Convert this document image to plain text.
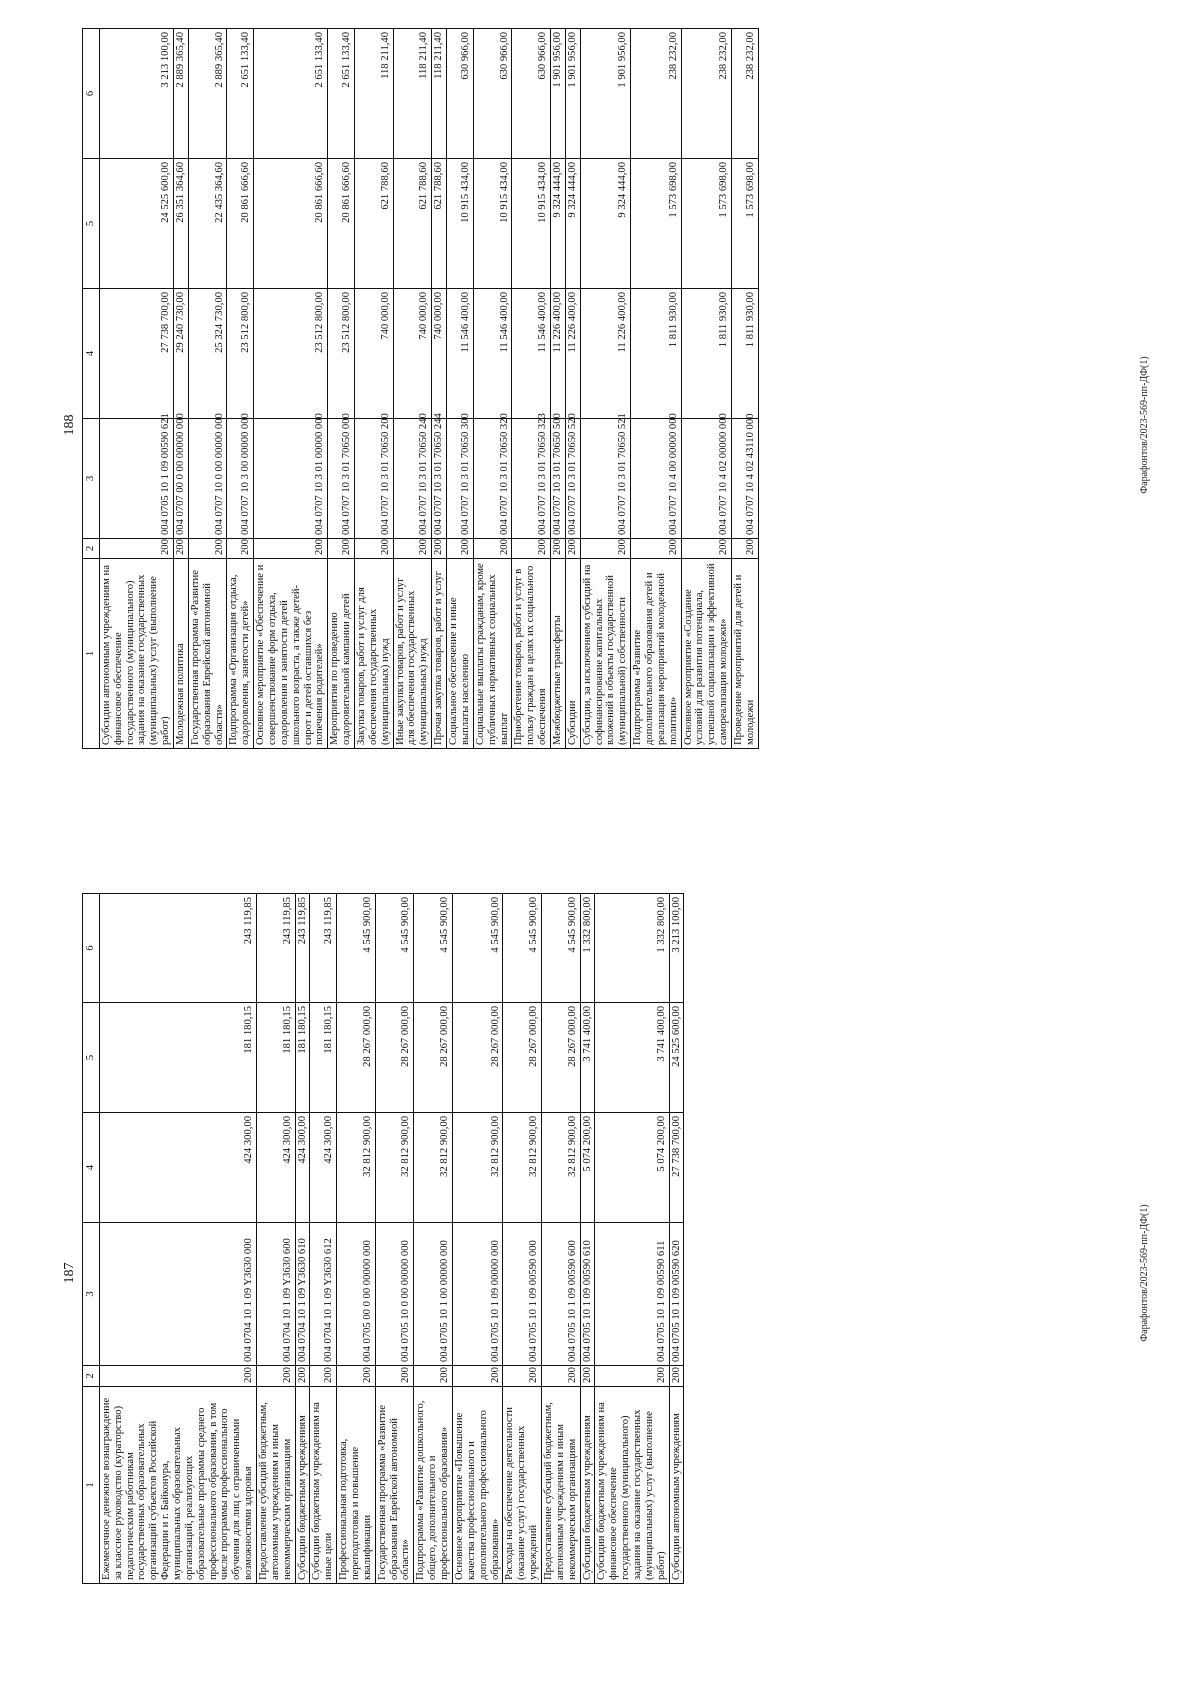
187
1	2	3	4	5	6
Ежемесячное денежное вознаграждение за классное руководство (кураторство) педагогическим работникам государственных образовательных организаций субъектов Российской Федерации и г. Байконура, муниципальных образовательных организаций, реализующих образовательные программы среднего профессионального образования, в том числе программы профессионального обучения для лиц с ограниченными возможностями здоровья	200	004 0704 10 1 09 Y3630 000	424 300,00	181 180,15	243 119,85
Предоставление субсидий бюджетным, автономным учреждениям и иным некоммерческим организациям	200	004 0704 10 1 09 Y3630 600	424 300,00	181 180,15	243 119,85
Субсидии бюджетным учреждениям	200	004 0704 10 1 09 Y3630 610	424 300,00	181 180,15	243 119,85
Субсидии бюджетным учреждениям на иные цели	200	004 0704 10 1 09 Y3630 612	424 300,00	181 180,15	243 119,85
Профессиональная подготовка, переподготовка и повышение квалификации	200	004 0705 00 0 00 00000 000	32 812 900,00	28 267 000,00	4 545 900,00
Государственная программа «Развитие образования Еврейской автономной области»	200	004 0705 10 0 00 00000 000	32 812 900,00	28 267 000,00	4 545 900,00
Подпрограмма «Развитие дошкольного, общего, дополнительного и профессионального образования»	200	004 0705 10 1 00 00000 000	32 812 900,00	28 267 000,00	4 545 900,00
Основное мероприятие «Повышение качества профессионального и дополнительного профессионального образования»	200	004 0705 10 1 09 00000 000	32 812 900,00	28 267 000,00	4 545 900,00
Расходы на обеспечение деятельности (оказание услуг) государственных учреждений	200	004 0705 10 1 09 00590 000	32 812 900,00	28 267 000,00	4 545 900,00
Предоставление субсидий бюджетным, автономным учреждениям и иным некоммерческим организациям	200	004 0705 10 1 09 00590 600	32 812 900,00	28 267 000,00	4 545 900,00
Субсидии бюджетным учреждениям	200	004 0705 10 1 09 00590 610	5 074 200,00	3 741 400,00	1 332 800,00
Субсидии бюджетным учреждениям на финансовое обеспечение государственного (муниципального) задания на оказание государственных (муниципальных) услуг (выполнение работ)	200	004 0705 10 1 09 00590 611	5 074 200,00	3 741 400,00	1 332 800,00
Субсидии автономным учреждениям	200	004 0705 10 1 09 00590 620	27 738 700,00	24 525 600,00	3 213 100,00
Фарафонтов/2023-569-пп-ДФ(1)
188
1	2	3	4	5	6
Субсидии автономным учреждениям на финансовое обеспечение государственного (муниципального) задания на оказание государственных (муниципальных) услуг (выполнение работ)	200	004 0705 10 1 09 00590 621	27 738 700,00	24 525 600,00	3 213 100,00
Молодежная политика	200	004 0707 00 0 00 00000 000	29 240 730,00	26 351 364,60	2 889 365,40
Государственная программа «Развитие образования Еврейской автономной области»	200	004 0707 10 0 00 00000 000	25 324 730,00	22 435 364,60	2 889 365,40
Подпрограмма «Организация отдыха, оздоровления, занятости детей»	200	004 0707 10 3 00 00000 000	23 512 800,00	20 861 666,60	2 651 133,40
Основное мероприятие «Обеспечение и совершенствование форм отдыха, оздоровления и занятости детей школьного возраста, а также детей-сирот и детей оставшихся без попечения родителей»	200	004 0707 10 3 01 00000 000	23 512 800,00	20 861 666,60	2 651 133,40
Мероприятия по проведению оздоровительной кампании детей	200	004 0707 10 3 01 70650 000	23 512 800,00	20 861 666,60	2 651 133,40
Закупка товаров, работ и услуг для обеспечения государственных (муниципальных) нужд	200	004 0707 10 3 01 70650 200	740 000,00	621 788,60	118 211,40
Иные закупки товаров, работ и услуг для обеспечения государственных (муниципальных) нужд	200	004 0707 10 3 01 70650 240	740 000,00	621 788,60	118 211,40
Прочая закупка товаров, работ и услуг	200	004 0707 10 3 01 70650 244	740 000,00	621 788,60	118 211,40
Социальное обеспечение и иные выплаты населению	200	004 0707 10 3 01 70650 300	11 546 400,00	10 915 434,00	630 966,00
Социальные выплаты гражданам, кроме публичных нормативных социальных выплат	200	004 0707 10 3 01 70650 320	11 546 400,00	10 915 434,00	630 966,00
Приобретение товаров, работ и услуг в пользу граждан в целях их социального обеспечения	200	004 0707 10 3 01 70650 323	11 546 400,00	10 915 434,00	630 966,00
Межбюджетные трансферты	200	004 0707 10 3 01 70650 500	11 226 400,00	9 324 444,00	1 901 956,00
Субсидии	200	004 0707 10 3 01 70650 520	11 226 400,00	9 324 444,00	1 901 956,00
Субсидии, за исключением субсидий на софинансирование капитальных вложений в объекты государственной (муниципальной) собственности	200	004 0707 10 3 01 70650 521	11 226 400,00	9 324 444,00	1 901 956,00
Подпрограмма «Развитие дополнительного образования детей и реализация мероприятий молодежной политики»	200	004 0707 10 4 00 00000 000	1 811 930,00	1 573 698,00	238 232,00
Основное мероприятие «Создание условий для развития потенциала, успешной социализации и эффективной самореализации молодежи»	200	004 0707 10 4 02 00000 000	1 811 930,00	1 573 698,00	238 232,00
Проведение мероприятий для детей и молодежи	200	004 0707 10 4 02 43110 000	1 811 930,00	1 573 698,00	238 232,00
Фарафонтов/2023-569-пп-ДФ(1)
